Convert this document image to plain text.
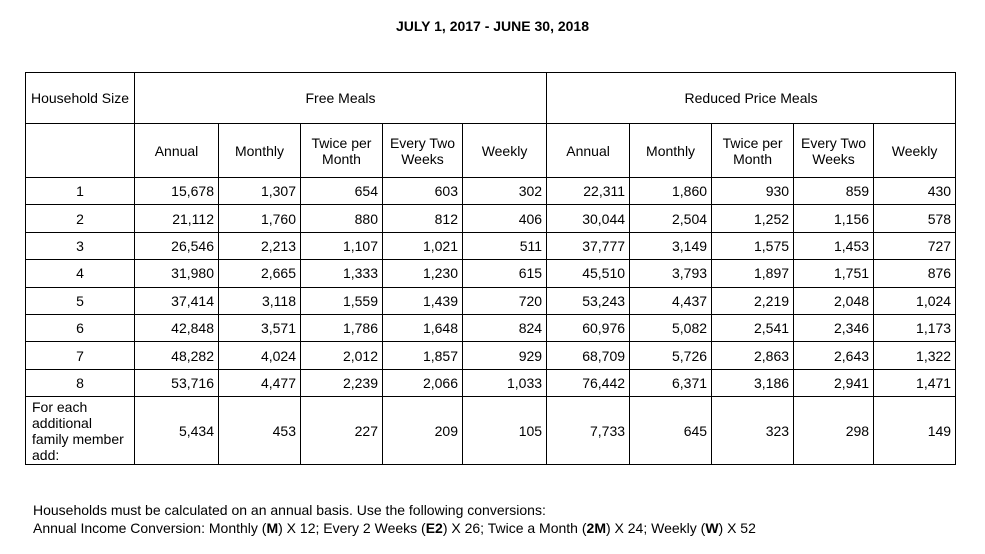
JULY 1, 2017 - JUNE 30, 2018
Household Size	Free Meals					Reduced Price Meals				
	Annual	Monthly	Twice per Month	Every Two Weeks	Weekly	Annual	Monthly	Twice per Month	Every Two Weeks	Weekly
1	15,678	1,307	654	603	302	22,311	1,860	930	859	430
2	21,112	1,760	880	812	406	30,044	2,504	1,252	1,156	578
3	26,546	2,213	1,107	1,021	511	37,777	3,149	1,575	1,453	727
4	31,980	2,665	1,333	1,230	615	45,510	3,793	1,897	1,751	876
5	37,414	3,118	1,559	1,439	720	53,243	4,437	2,219	2,048	1,024
6	42,848	3,571	1,786	1,648	824	60,976	5,082	2,541	2,346	1,173
7	48,282	4,024	2,012	1,857	929	68,709	5,726	2,863	2,643	1,322
8	53,716	4,477	2,239	2,066	1,033	76,442	6,371	3,186	2,941	1,471
For each additional family member add:	5,434	453	227	209	105	7,733	645	323	298	149
Households must be calculated on an annual basis. Use the following conversions:
Annual Income Conversion: Monthly (M) X 12; Every 2 Weeks (E2) X 26; Twice a Month (2M) X 24; Weekly (W) X 52
